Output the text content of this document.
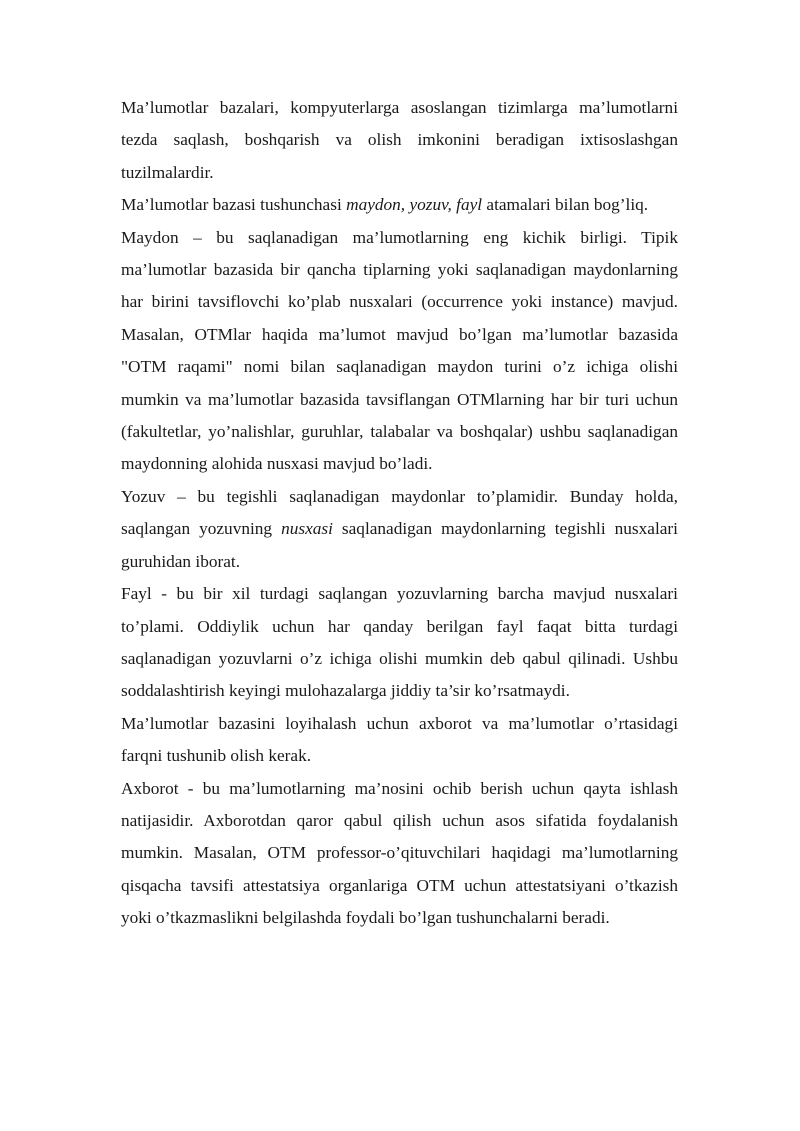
Ma’lumotlar bazalari, kompyuterlarga asoslangan tizimlarga ma’lumotlarni tezda saqlash, boshqarish va olish imkonini beradigan ixtisoslashgan tuzilmalardir.

Ma’lumotlar bazasi tushunchasi maydon, yozuv, fayl atamalari bilan bog’liq.

Maydon – bu saqlanadigan ma’lumotlarning eng kichik birligi. Tipik ma’lumotlar bazasida bir qancha tiplarning yoki saqlanadigan maydonlarning har birini tavsiflovchi ko’plab nusxalari (occurrence yoki instance) mavjud. Masalan, OTMlar haqida ma’lumot mavjud bo’lgan ma’lumotlar bazasida "OTM raqami" nomi bilan saqlanadigan maydon turini o’z ichiga olishi mumkin va ma’lumotlar bazasida tavsiflangan OTMlarning har bir turi uchun (fakultetlar, yo’nalishlar, guruhlar, talabalar va boshqalar) ushbu saqlanadigan maydonning alohida nusxasi mavjud bo’ladi.

Yozuv – bu tegishli saqlanadigan maydonlar to’plamidir. Bunday holda, saqlangan yozuvning nusxasi saqlanadigan maydonlarning tegishli nusxalari guruhidan iborat.

Fayl - bu bir xil turdagi saqlangan yozuvlarning barcha mavjud nusxalari to’plami. Oddiylik uchun har qanday berilgan fayl faqat bitta turdagi saqlanadigan yozuvlarni o’z ichiga olishi mumkin deb qabul qilinadi. Ushbu soddalashtirish keyingi mulohazalarga jiddiy ta’sir ko’rsatmaydi.

Ma’lumotlar bazasini loyihalash uchun axborot va ma’lumotlar o’rtasidagi farqni tushunib olish kerak.

Axborot - bu ma’lumotlarning ma’nosini ochib berish uchun qayta ishlash natijasidir. Axborotdan qaror qabul qilish uchun asos sifatida foydalanish mumkin. Masalan, OTM professor-o’qituvchilari haqidagi ma’lumotlarning qisqacha tavsifi attestatsiya organlariga OTM uchun attestatsiyani o’tkazish yoki o’tkazmaslikni belgilashda foydali bo’lgan tushunchalarni beradi.
